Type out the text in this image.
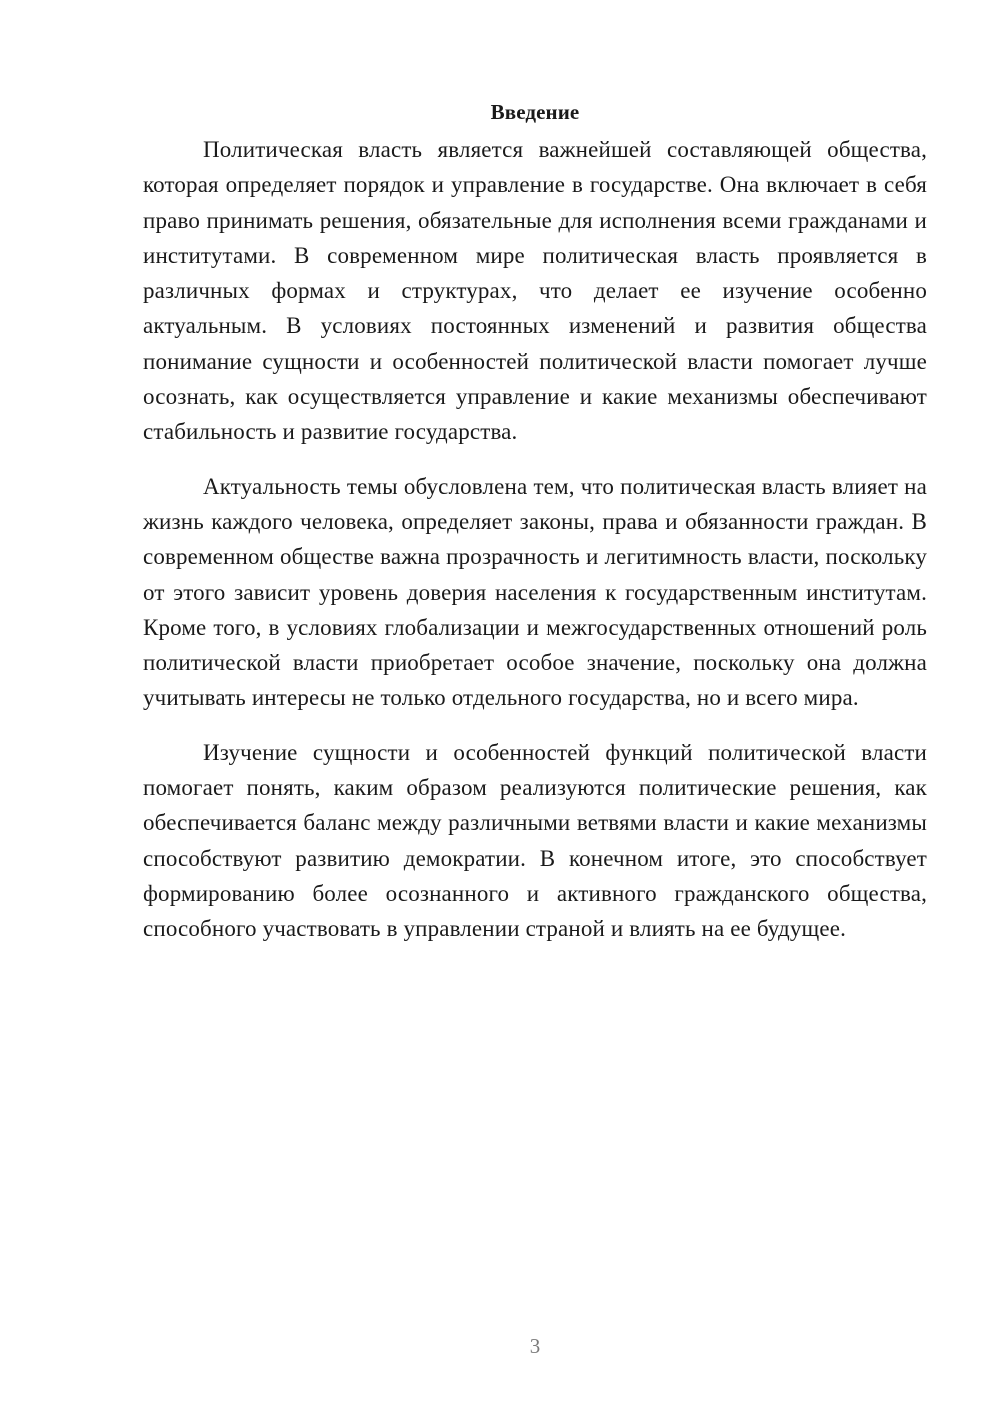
Введение

Политическая власть является важнейшей составляющей общества, которая определяет порядок и управление в государстве. Она включает в себя право принимать решения, обязательные для исполнения всеми гражданами и институтами. В современном мире политическая власть проявляется в различных формах и структурах, что делает ее изучение особенно актуальным. В условиях постоянных изменений и развития общества понимание сущности и особенностей политической власти помогает лучше осознать, как осуществляется управление и какие механизмы обеспечивают стабильность и развитие государства.

Актуальность темы обусловлена тем, что политическая власть влияет на жизнь каждого человека, определяет законы, права и обязанности граждан. В современном обществе важна прозрачность и легитимность власти, поскольку от этого зависит уровень доверия населения к государственным институтам. Кроме того, в условиях глобализации и межгосударственных отношений роль политической власти приобретает особое значение, поскольку она должна учитывать интересы не только отдельного государства, но и всего мира.

Изучение сущности и особенностей функций политической власти помогает понять, каким образом реализуются политические решения, как обеспечивается баланс между различными ветвями власти и какие механизмы способствуют развитию демократии. В конечном итоге, это способствует формированию более осознанного и активного гражданского общества, способного участвовать в управлении страной и влиять на ее будущее.

3
